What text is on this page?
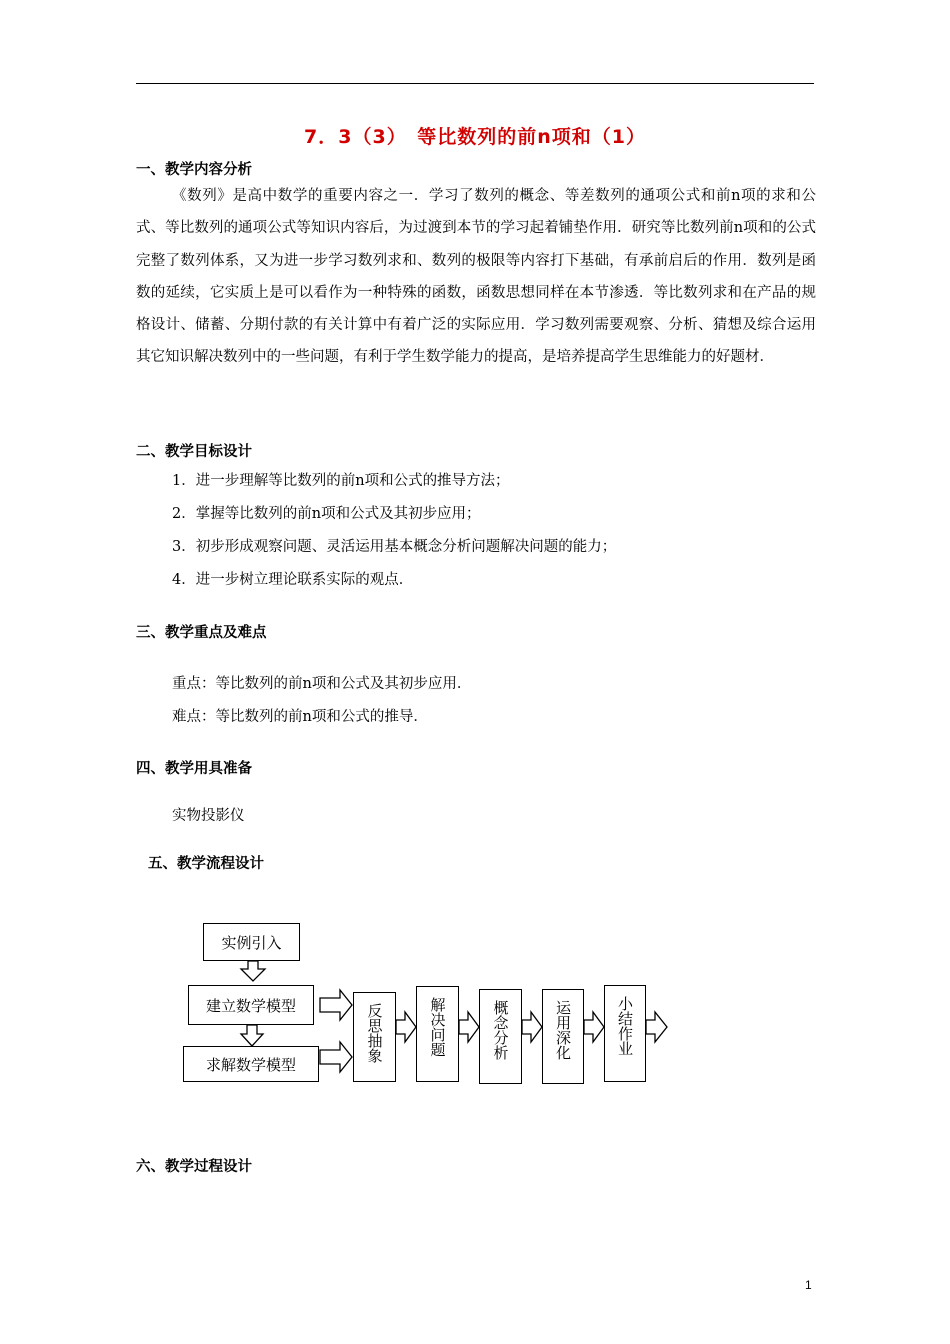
7．3（3）　等比数列的前n项和（1）
一、教学内容分析
《数列》是高中数学的重要内容之一．学习了数列的概念、等差数列的通项公式和前n项的求和公式、等比数列的通项公式等知识内容后，为过渡到本节的学习起着铺垫作用．研究等比数列前n项和的公式完整了数列体系，又为进一步学习数列求和、数列的极限等内容打下基础，有承前启后的作用．数列是函数的延续，它实质上是可以看作为一种特殊的函数，函数思想同样在本节渗透．等比数列求和在产品的规格设计、储蓄、分期付款的有关计算中有着广泛的实际应用．学习数列需要观察、分析、猜想及综合运用其它知识解决数列中的一些问题，有利于学生数学能力的提高，是培养提高学生思维能力的好题材．
二、教学目标设计
1．进一步理解等比数列的前n项和公式的推导方法；
2．掌握等比数列的前n项和公式及其初步应用；
3．初步形成观察问题、灵活运用基本概念分析问题解决问题的能力；
4．进一步树立理论联系实际的观点．
三、教学重点及难点
重点：等比数列的前n项和公式及其初步应用．
难点：等比数列的前n项和公式的推导．
四、教学用具准备
实物投影仪
五、教学流程设计
实例引入
建立数学模型
求解数学模型
反思抽象	解决问题	概念分析	运用深化	小结作业
六、教学过程设计
1
